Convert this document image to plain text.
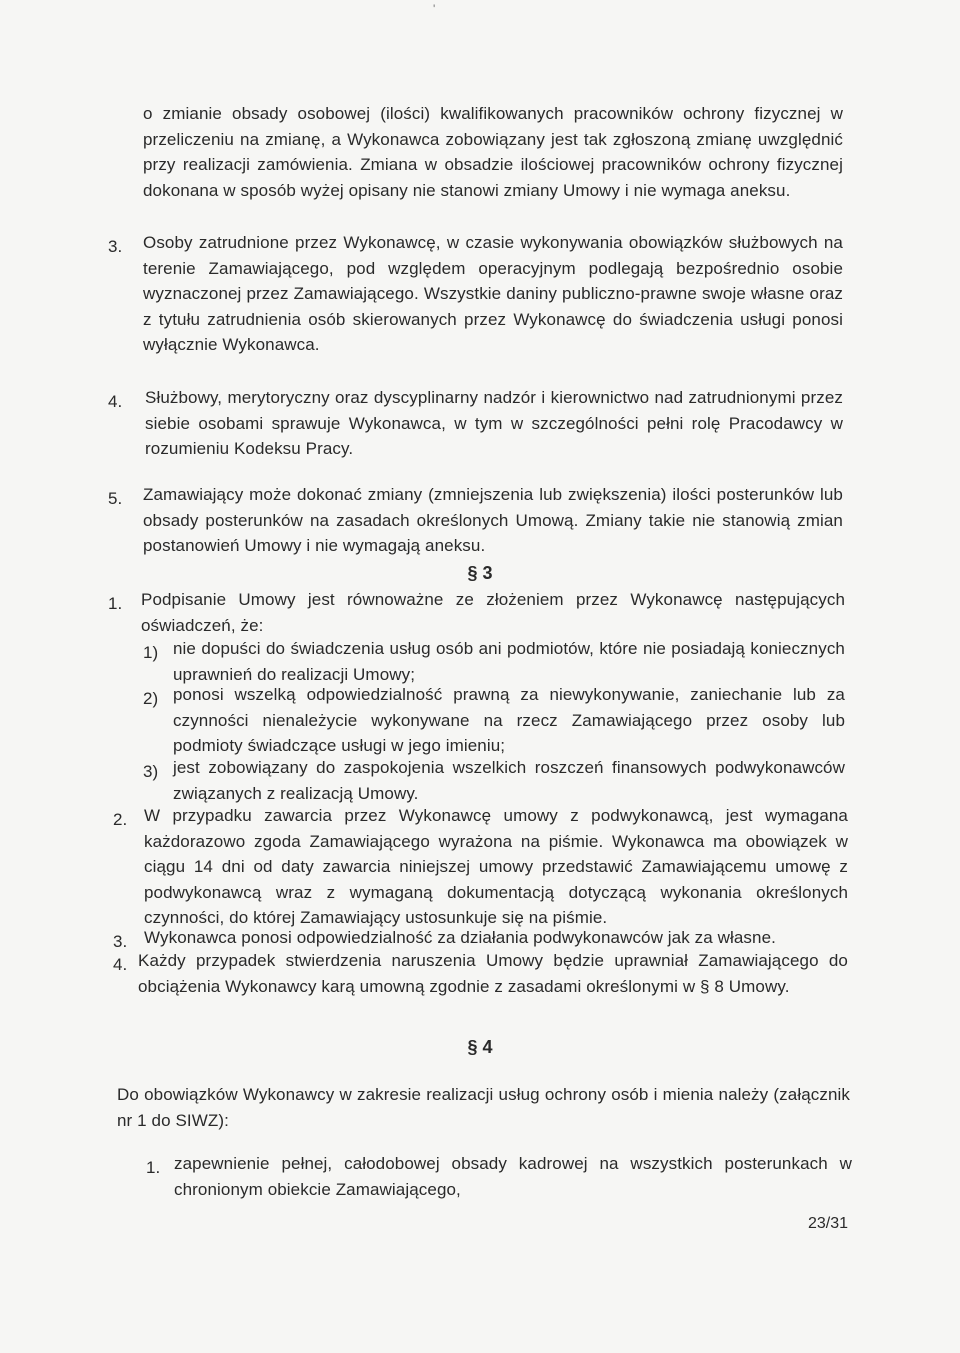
'
o zmianie obsady osobowej (ilości) kwalifikowanych pracowników ochrony fizycznej w przeliczeniu na zmianę, a Wykonawca zobowiązany jest tak zgłoszoną zmianę uwzględnić przy realizacji zamówienia. Zmiana w obsadzie ilościowej pracowników ochrony fizycznej dokonana w sposób wyżej opisany nie stanowi zmiany Umowy i nie wymaga aneksu.
3. Osoby zatrudnione przez Wykonawcę, w czasie wykonywania obowiązków służbowych na terenie Zamawiającego, pod względem operacyjnym podlegają bezpośrednio osobie wyznaczonej przez Zamawiającego. Wszystkie daniny publiczno-prawne swoje własne oraz z tytułu zatrudnienia osób skierowanych przez Wykonawcę do świadczenia usługi ponosi wyłącznie Wykonawca.
4. Służbowy, merytoryczny oraz dyscyplinarny nadzór i kierownictwo nad zatrudnionymi przez siebie osobami sprawuje Wykonawca, w tym w szczególności pełni rolę Pracodawcy w rozumieniu Kodeksu Pracy.
5. Zamawiający może dokonać zmiany (zmniejszenia lub zwiększenia) ilości posterunków lub obsady posterunków na zasadach określonych Umową. Zmiany takie nie stanowią zmian postanowień Umowy i nie wymagają aneksu.
§ 3
1. Podpisanie Umowy jest równoważne ze złożeniem przez Wykonawcę następujących oświadczeń, że:
1) nie dopuści do świadczenia usług osób ani podmiotów, które nie posiadają koniecznych uprawnień do realizacji Umowy;
2) ponosi wszelką odpowiedzialność prawną za niewykonywanie, zaniechanie lub za czynności nienależycie wykonywane na rzecz Zamawiającego przez osoby lub podmioty świadczące usługi w jego imieniu;
3) jest zobowiązany do zaspokojenia wszelkich roszczeń finansowych podwykonawców związanych z realizacją Umowy.
2. W przypadku zawarcia przez Wykonawcę umowy z podwykonawcą, jest wymagana każdorazowo zgoda Zamawiającego wyrażona na piśmie. Wykonawca ma obowiązek w ciągu 14 dni od daty zawarcia niniejszej umowy przedstawić Zamawiającemu umowę z podwykonawcą wraz z wymaganą dokumentacją dotyczącą wykonania określonych czynności, do której Zamawiający ustosunkuje się na piśmie.
3. Wykonawca ponosi odpowiedzialność za działania podwykonawców jak za własne.
4. Każdy przypadek stwierdzenia naruszenia Umowy będzie uprawniał Zamawiającego do obciążenia Wykonawcy karą umowną zgodnie z zasadami określonymi w § 8 Umowy.
§ 4
Do obowiązków Wykonawcy w zakresie realizacji usług ochrony osób i mienia należy (załącznik nr 1 do SIWZ):
1. zapewnienie pełnej, całodobowej obsady kadrowej na wszystkich posterunkach w chronionym obiekcie Zamawiającego,
23/31
